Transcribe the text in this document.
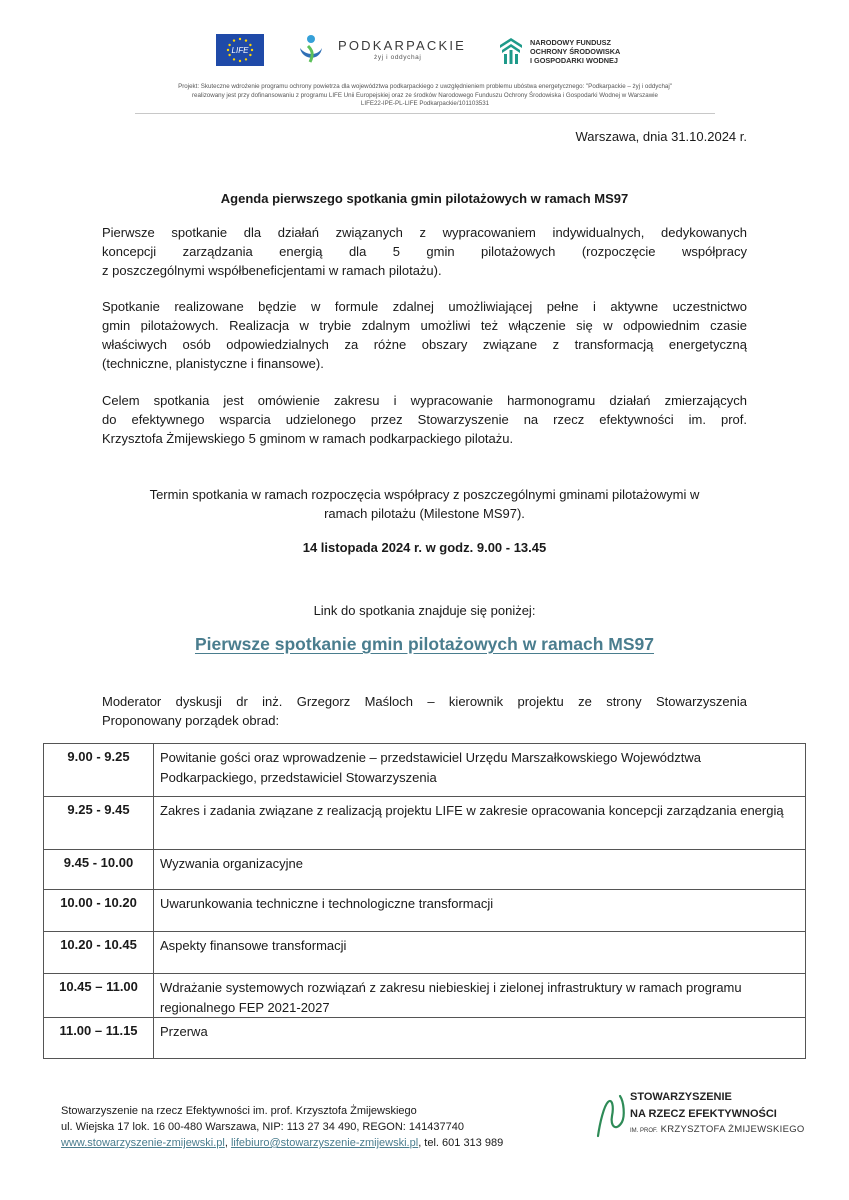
LIFE	PODKARPACKIE
żyj i oddychaj
NARODOWY FUNDUSZ
OCHRONY ŚRODOWISKA
I GOSPODARKI WODNEJ
Projekt: Skuteczne wdrożenie programu ochrony powietrza dla województwa podkarpackiego z uwzględnieniem problemu ubóstwa energetycznego: "Podkarpackie – żyj i oddychaj"
realizowany jest przy dofinansowaniu z programu LIFE Unii Europejskiej oraz ze środków Narodowego Funduszu Ochrony Środowiska i Gospodarki Wodnej w Warszawie
LIFE22-IPE-PL-LIFE Podkarpackie/101103531
Warszawa, dnia 31.10.2024 r.
Agenda pierwszego spotkania gmin pilotażowych w ramach MS97
Pierwsze spotkanie dla działań związanych z wypracowaniem indywidualnych, dedykowanych
koncepcji zarządzania energią dla 5 gmin pilotażowych (rozpoczęcie współpracy
z poszczególnymi współbeneficjentami w ramach pilotażu).
Spotkanie realizowane będzie w formule zdalnej umożliwiającej pełne i aktywne uczestnictwo
gmin pilotażowych. Realizacja w trybie zdalnym umożliwi też włączenie się w odpowiednim czasie
właściwych osób odpowiedzialnych za różne obszary związane z transformacją energetyczną
(techniczne, planistyczne i finansowe).
Celem spotkania jest omówienie zakresu i wypracowanie harmonogramu działań zmierzających
do efektywnego wsparcia udzielonego przez Stowarzyszenie na rzecz efektywności im. prof.
Krzysztofa Żmijewskiego 5 gminom w ramach podkarpackiego pilotażu.
Termin spotkania w ramach rozpoczęcia współpracy z poszczególnymi gminami pilotażowymi w
ramach pilotażu (Milestone MS97).
14 listopada 2024 r. w godz. 9.00 - 13.45
Link do spotkania znajduje się poniżej:
Pierwsze spotkanie gmin pilotażowych w ramach MS97
Moderator dyskusji dr inż. Grzegorz Maśloch – kierownik projektu ze strony Stowarzyszenia
Proponowany porządek obrad:
9.00 - 9.25	Powitanie gości oraz wprowadzenie – przedstawiciel Urzędu Marszałkowskiego Województwa Podkarpackiego, przedstawiciel Stowarzyszenia
9.25 - 9.45	Zakres i zadania związane z realizacją projektu LIFE w zakresie opracowania koncepcji zarządzania energią
9.45 - 10.00	Wyzwania organizacyjne
10.00 - 10.20	Uwarunkowania techniczne i technologiczne transformacji
10.20 - 10.45	Aspekty finansowe transformacji
10.45 – 11.00	Wdrażanie systemowych rozwiązań z zakresu niebieskiej i zielonej infrastruktury w ramach programu regionalnego FEP 2021-2027
11.00 – 11.15	Przerwa
Stowarzyszenie na rzecz Efektywności im. prof. Krzysztofa Żmijewskiego
ul. Wiejska 17 lok. 16 00-480 Warszawa, NIP: 113 27 34 490, REGON: 141437740
www.stowarzyszenie-zmijewski.pl, lifebiuro@stowarzyszenie-zmijewski.pl, tel. 601 313 989
STOWARZYSZENIE
NA RZECZ EFEKTYWNOŚCI
IM. PROF. KRZYSZTOFA ŻMIJEWSKIEGO
